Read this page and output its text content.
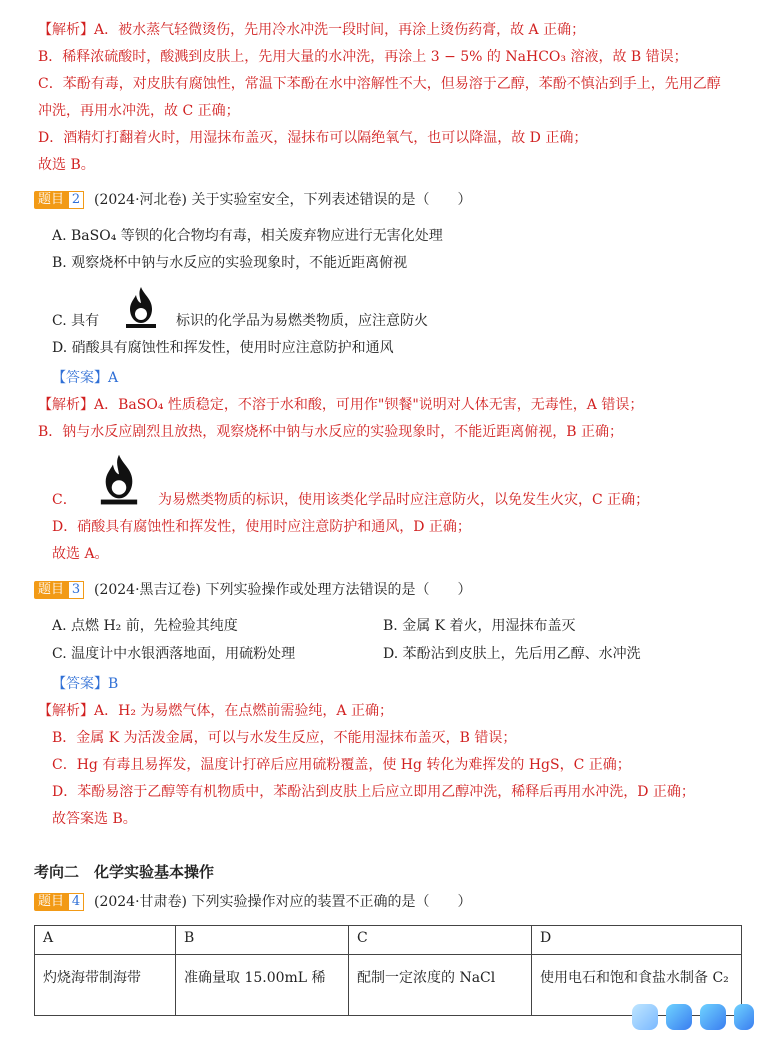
【解析】A．被水蒸气轻微烫伤，先用冷水冲洗一段时间，再涂上烫伤药膏，故 A 正确；
B．稀释浓硫酸时，酸溅到皮肤上，先用大量的水冲洗，再涂上 3 − 5% 的 NaHCO₃ 溶液，故 B 错误；
C．苯酚有毒，对皮肤有腐蚀性，常温下苯酚在水中溶解性不大，但易溶于乙醇，苯酚不慎沾到手上，先用乙醇
冲洗，再用水冲洗，故 C 正确；
D．酒精灯打翻着火时，用湿抹布盖灭，湿抹布可以隔绝氧气，也可以降温，故 D 正确；
故选 B。
题目 2 (2024·河北卷) 关于实验室安全，下列表述错误的是（　　）
A. BaSO₄ 等钡的化合物均有毒，相关废弃物应进行无害化处理
B. 观察烧杯中钠与水反应的实验现象时，不能近距离俯视
C. 具有	标识的化学品为易燃类物质，应注意防火
D. 硝酸具有腐蚀性和挥发性，使用时应注意防护和通风
【答案】A
【解析】A．BaSO₄ 性质稳定，不溶于水和酸，可用作"钡餐"说明对人体无害，无毒性，A 错误；
B．钠与水反应剧烈且放热，观察烧杯中钠与水反应的实验现象时，不能近距离俯视，B 正确；
C．	为易燃类物质的标识，使用该类化学品时应注意防火，以免发生火灾，C 正确；
D．硝酸具有腐蚀性和挥发性，使用时应注意防护和通风，D 正确；
故选 A。
题目 3 (2024·黑吉辽卷) 下列实验操作或处理方法错误的是（　　）
A. 点燃 H₂ 前，先检验其纯度	B. 金属 K 着火，用湿抹布盖灭
C. 温度计中水银洒落地面，用硫粉处理	D. 苯酚沾到皮肤上，先后用乙醇、水冲洗
【答案】B
【解析】A．H₂ 为易燃气体，在点燃前需验纯，A 正确；
B．金属 K 为活泼金属，可以与水发生反应，不能用湿抹布盖灭，B 错误；
C．Hg 有毒且易挥发，温度计打碎后应用硫粉覆盖，使 Hg 转化为难挥发的 HgS，C 正确；
D．苯酚易溶于乙醇等有机物质中，苯酚沾到皮肤上后应立即用乙醇冲洗，稀释后再用水冲洗，D 正确；
故答案选 B。
考向二　化学实验基本操作
题目 4 (2024·甘肃卷) 下列实验操作对应的装置不正确的是（　　）
A	B	C	D
灼烧海带制海带	准确量取 15.00mL 稀	配制一定浓度的 NaCl	使用电石和饱和食盐水制备 C₂
